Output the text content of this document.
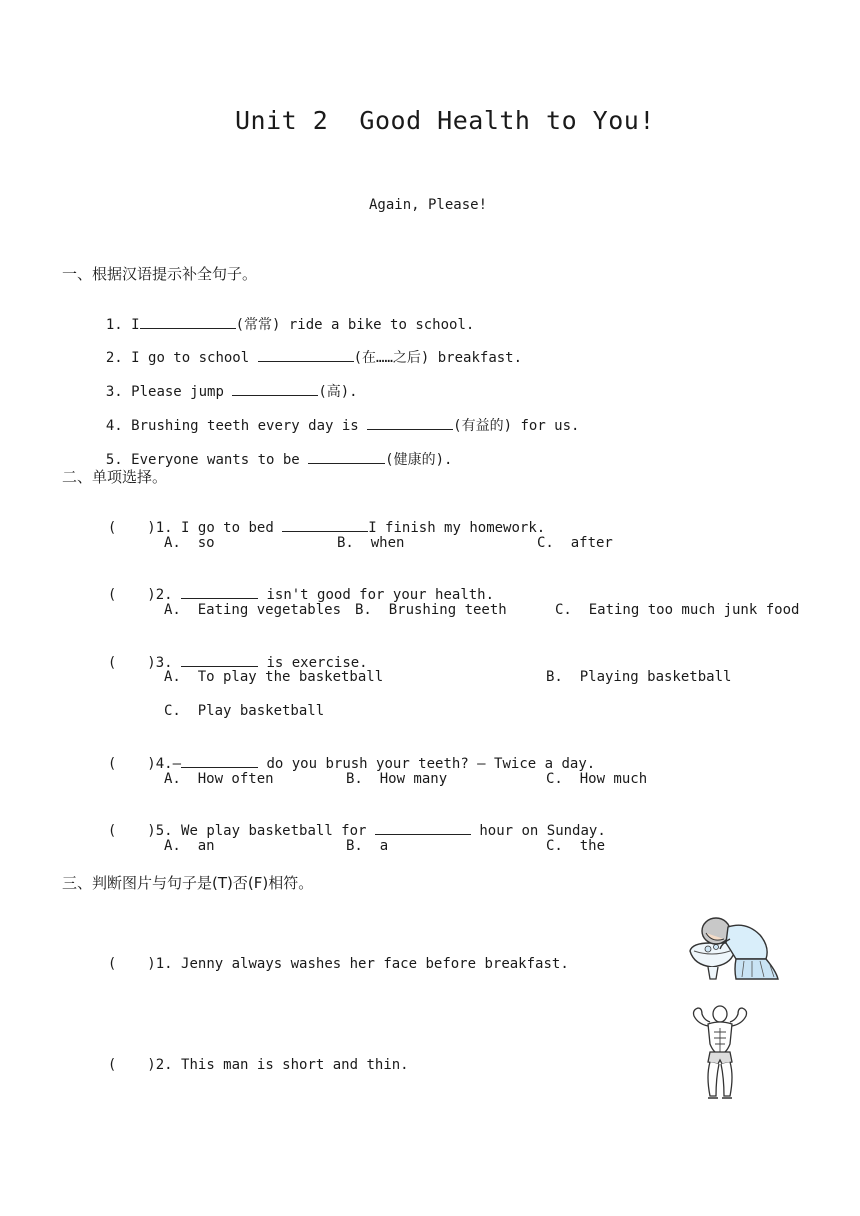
Unit 2  Good Health to You!
Again, Please!
一、根据汉语提示补全句子。

1. I	(常常) ride a bike to school.

2. I go to school	(在……之后) breakfast.

3. Please jump	(高).

4. Brushing teeth every day is	(有益的) for us.

5. Everyone wants to be	(健康的).

二、单项选择。

( )1. I go to bed	I finish my homework.

A.  so	B.  when	C.  after

( )2.	isn't good for your health.

A.  Eating vegetables B.  Brushing teeth	C.  Eating too much junk food

( )3.	is exercise.

A.  To play the basketball	B.  Playing basketball
C.  Play basketball

( )4.—	do you brush your teeth? — Twice a day.

A.  How often	B.  How many	C.  How much

( )5. We play basketball for	hour on Sunday.

A.  an	B.  a	C.  the
三、判断图片与句子是(T)否(F)相符。

( )1. Jenny always washes her face before breakfast.

( )2. This man is short and thin.
